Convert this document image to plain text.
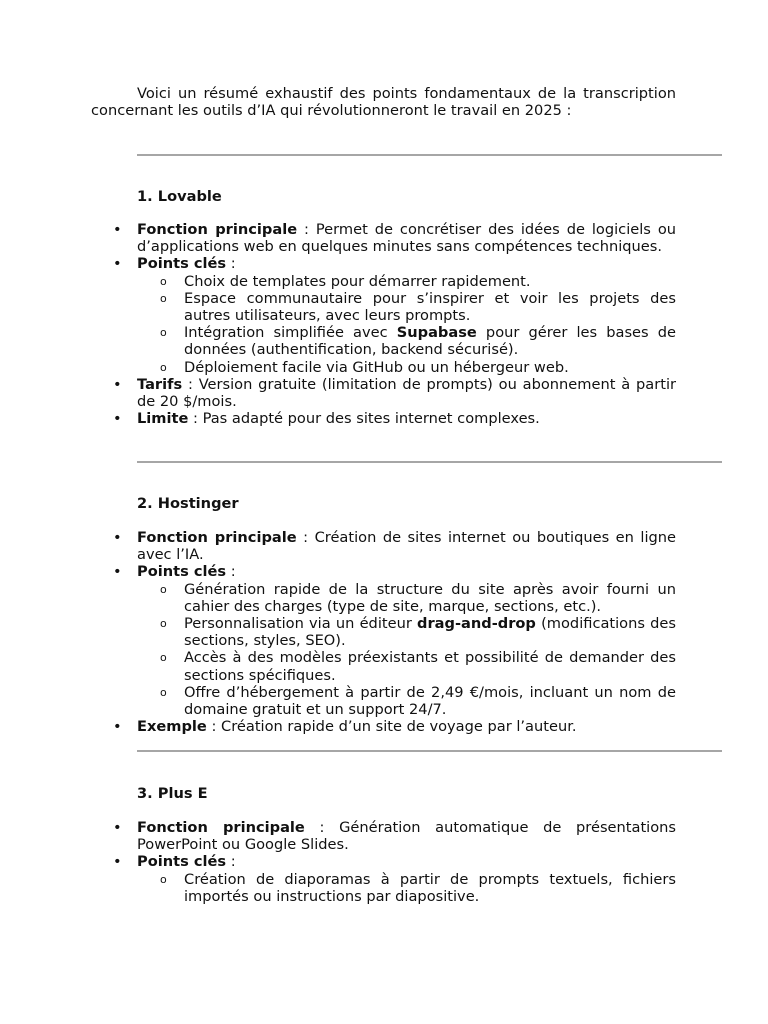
Voici un résumé exhaustif des points fondamentaux de la transcription concernant les outils d’IA qui révolutionneront le travail en 2025 :

1. Lovable
• Fonction principale : Permet de concrétiser des idées de logiciels ou d’applications web en quelques minutes sans compétences techniques.
• Points clés :
o Choix de templates pour démarrer rapidement.
o Espace communautaire pour s’inspirer et voir les projets des autres utilisateurs, avec leurs prompts.
o Intégration simplifiée avec Supabase pour gérer les bases de données (authentification, backend sécurisé).
o Déploiement facile via GitHub ou un hébergeur web.
• Tarifs : Version gratuite (limitation de prompts) ou abonnement à partir de 20 $/mois.
• Limite : Pas adapté pour des sites internet complexes.
2. Hostinger
• Fonction principale : Création de sites internet ou boutiques en ligne avec l’IA.
• Points clés :
o Génération rapide de la structure du site après avoir fourni un cahier des charges (type de site, marque, sections, etc.).
o Personnalisation via un éditeur drag-and-drop (modifications des sections, styles, SEO).
o Accès à des modèles préexistants et possibilité de demander des sections spécifiques.
o Offre d’hébergement à partir de 2,49 €/mois, incluant un nom de domaine gratuit et un support 24/7.
• Exemple : Création rapide d’un site de voyage par l’auteur.
3. Plus E
• Fonction principale : Génération automatique de présentations PowerPoint ou Google Slides.
• Points clés :
o Création de diaporamas à partir de prompts textuels, fichiers importés ou instructions par diapositive.
